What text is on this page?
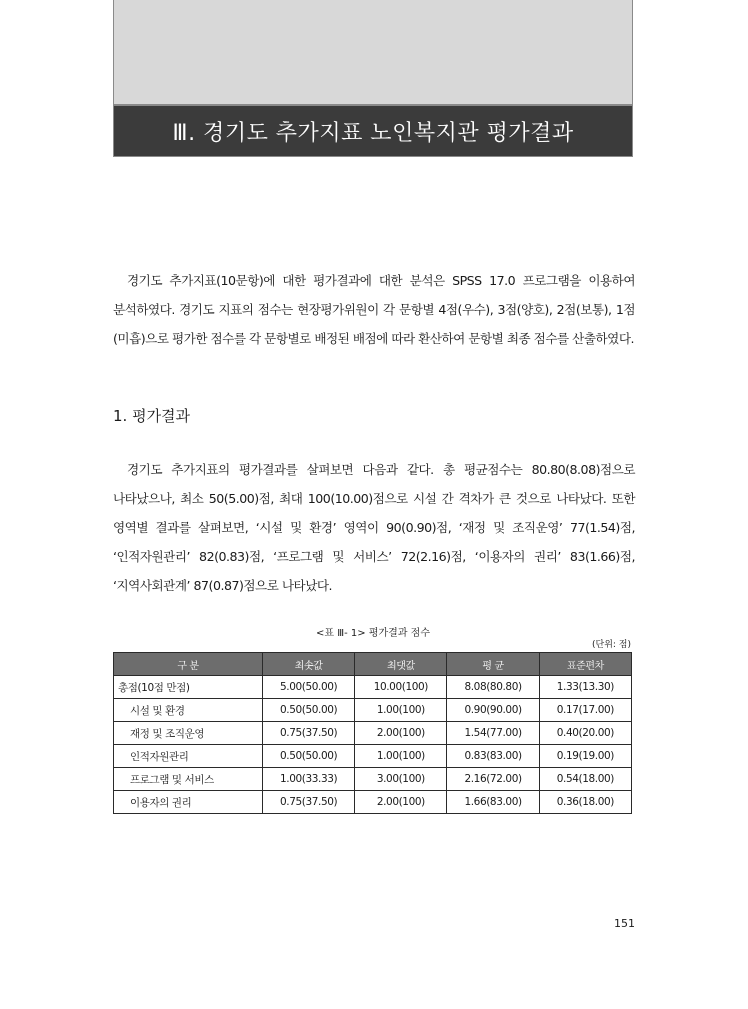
Ⅲ. 경기도 추가지표 노인복지관 평가결과

경기도 추가지표(10문항)에 대한 평가결과에 대한 분석은 SPSS 17.0 프로그램을 이용하여 분석하였다. 경기도 지표의 점수는 현장평가위원이 각 문항별 4점(우수), 3점(양호), 2점(보통), 1점(미흡)으로 평가한 점수를 각 문항별로 배정된 배점에 따라 환산하여 문항별 최종 점수를 산출하였다.

1. 평가결과

경기도 추가지표의 평가결과를 살펴보면 다음과 같다. 총 평균점수는 80.80(8.08)점으로 나타났으나, 최소 50(5.00)점, 최대 100(10.00)점으로 시설 간 격차가 큰 것으로 나타났다. 또한 영역별 결과를 살펴보면, ‘시설 및 환경’ 영역이 90(0.90)점, ‘재정 및 조직운영’ 77(1.54)점, ‘인적자원관리’ 82(0.83)점, ‘프로그램 및 서비스’ 72(2.16)점, ‘이용자의 권리’ 83(1.66)점, ‘지역사회관계’ 87(0.87)점으로 나타났다.

<표 Ⅲ- 1> 평가결과 점수
(단위: 점)
구 분	최솟값	최댓값	평 균	표준편차
총점(10점 만점)	5.00(50.00)	10.00(100)	8.08(80.80)	1.33(13.30)
시설 및 환경	0.50(50.00)	1.00(100)	0.90(90.00)	0.17(17.00)
재정 및 조직운영	0.75(37.50)	2.00(100)	1.54(77.00)	0.40(20.00)
인적자원관리	0.50(50.00)	1.00(100)	0.83(83.00)	0.19(19.00)
프로그램 및 서비스	1.00(33.33)	3.00(100)	2.16(72.00)	0.54(18.00)
이용자의 권리	0.75(37.50)	2.00(100)	1.66(83.00)	0.36(18.00)
151
